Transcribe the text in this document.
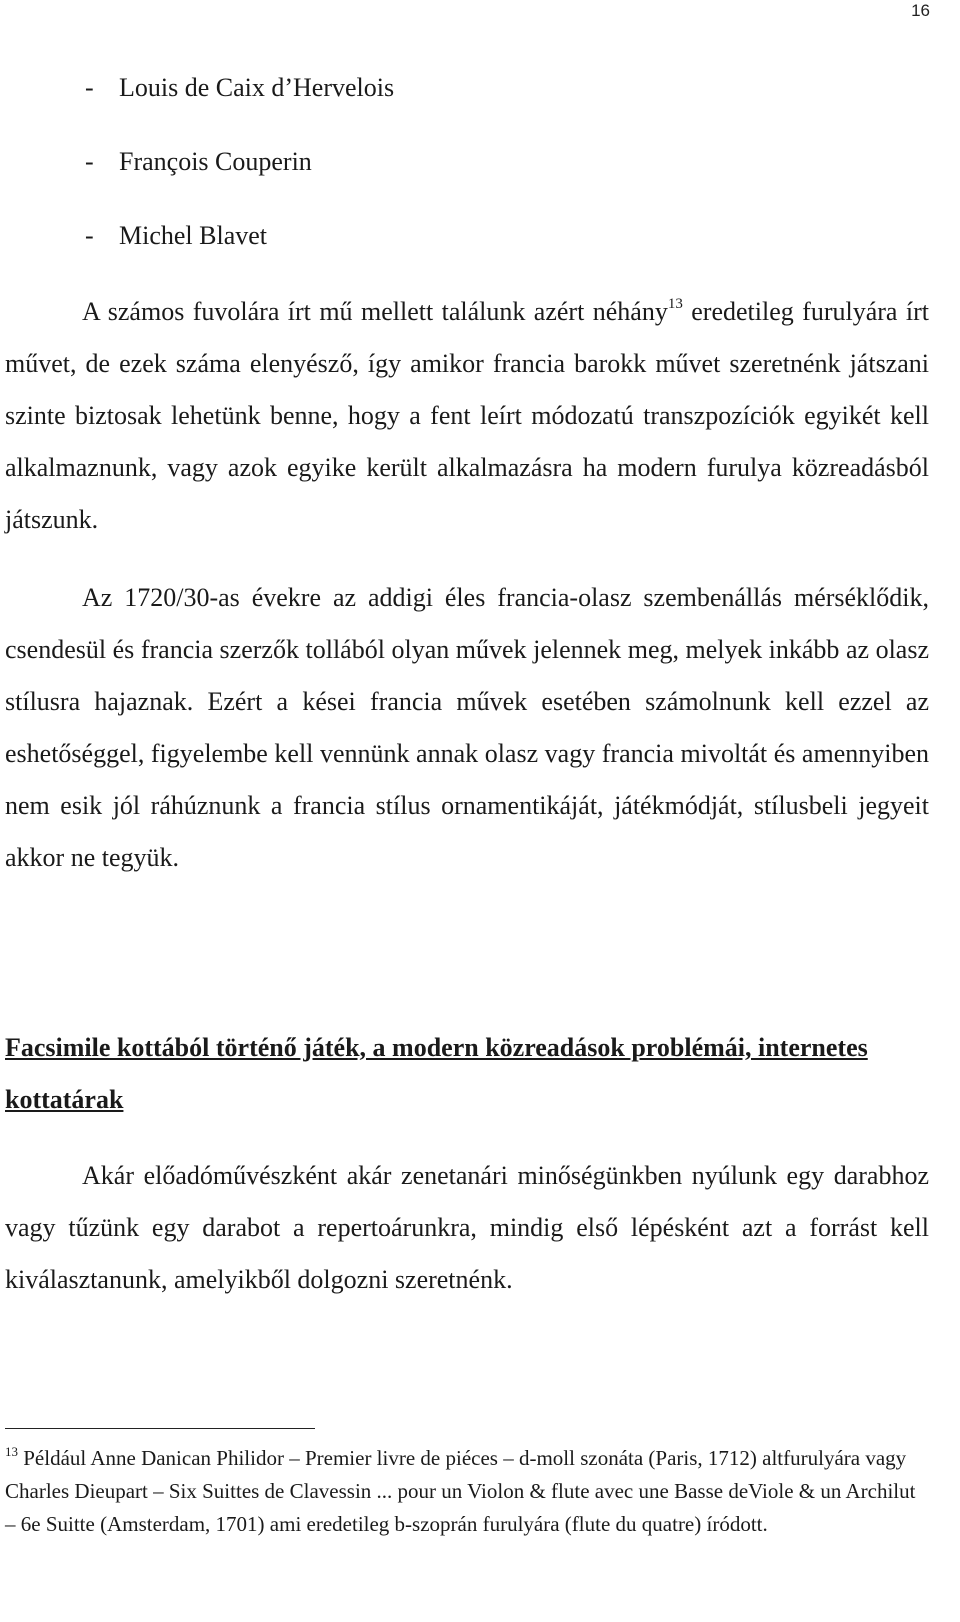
16
- Louis de Caix d’Hervelois
- François Couperin
- Michel Blavet

A számos fuvolára írt mű mellett találunk azért néhány$^{13}$ eredetileg furulyára írt művet, de ezek száma elenyésző, így amikor francia barokk művet szeretnénk játszani szinte biztosak lehetünk benne, hogy a fent leírt módozatú transzpozíciók egyikét kell alkalmaznunk, vagy azok egyike került alkalmazásra ha modern furulya közreadásból játszunk.

Az 1720/30-as évekre az addigi éles francia-olasz szembenállás mérséklődik, csendesül és francia szerzők tollából olyan művek jelennek meg, melyek inkább az olasz stílusra hajaznak. Ezért a kései francia művek esetében számolnunk kell ezzel az eshetőséggel, figyelembe kell vennünk annak olasz vagy francia mivoltát és amennyiben nem esik jól ráhúznunk a francia stílus ornamentikáját, játékmódját, stílusbeli jegyeit akkor ne tegyük.

Facsimile kottából történő játék, a modern közreadások problémái, internetes kottatárak

Akár előadóművészként akár zenetanári minőségünkben nyúlunk egy darabhoz vagy tűzünk egy darabot a repertoárunkra, mindig első lépésként azt a forrást kell kiválasztanunk, amelyikből dolgozni szeretnénk.

$^{13}$ Például Anne Danican Philidor – Premier livre de piéces – d-moll szonáta (Paris, 1712) altfurulyára vagy Charles Dieupart – Six Suittes de Clavessin ... pour un Violon & flute avec une Basse deViole & un Archilut – 6e Suitte (Amsterdam, 1701) ami eredetileg b-szoprán furulyára (flute du quatre) íródott.
